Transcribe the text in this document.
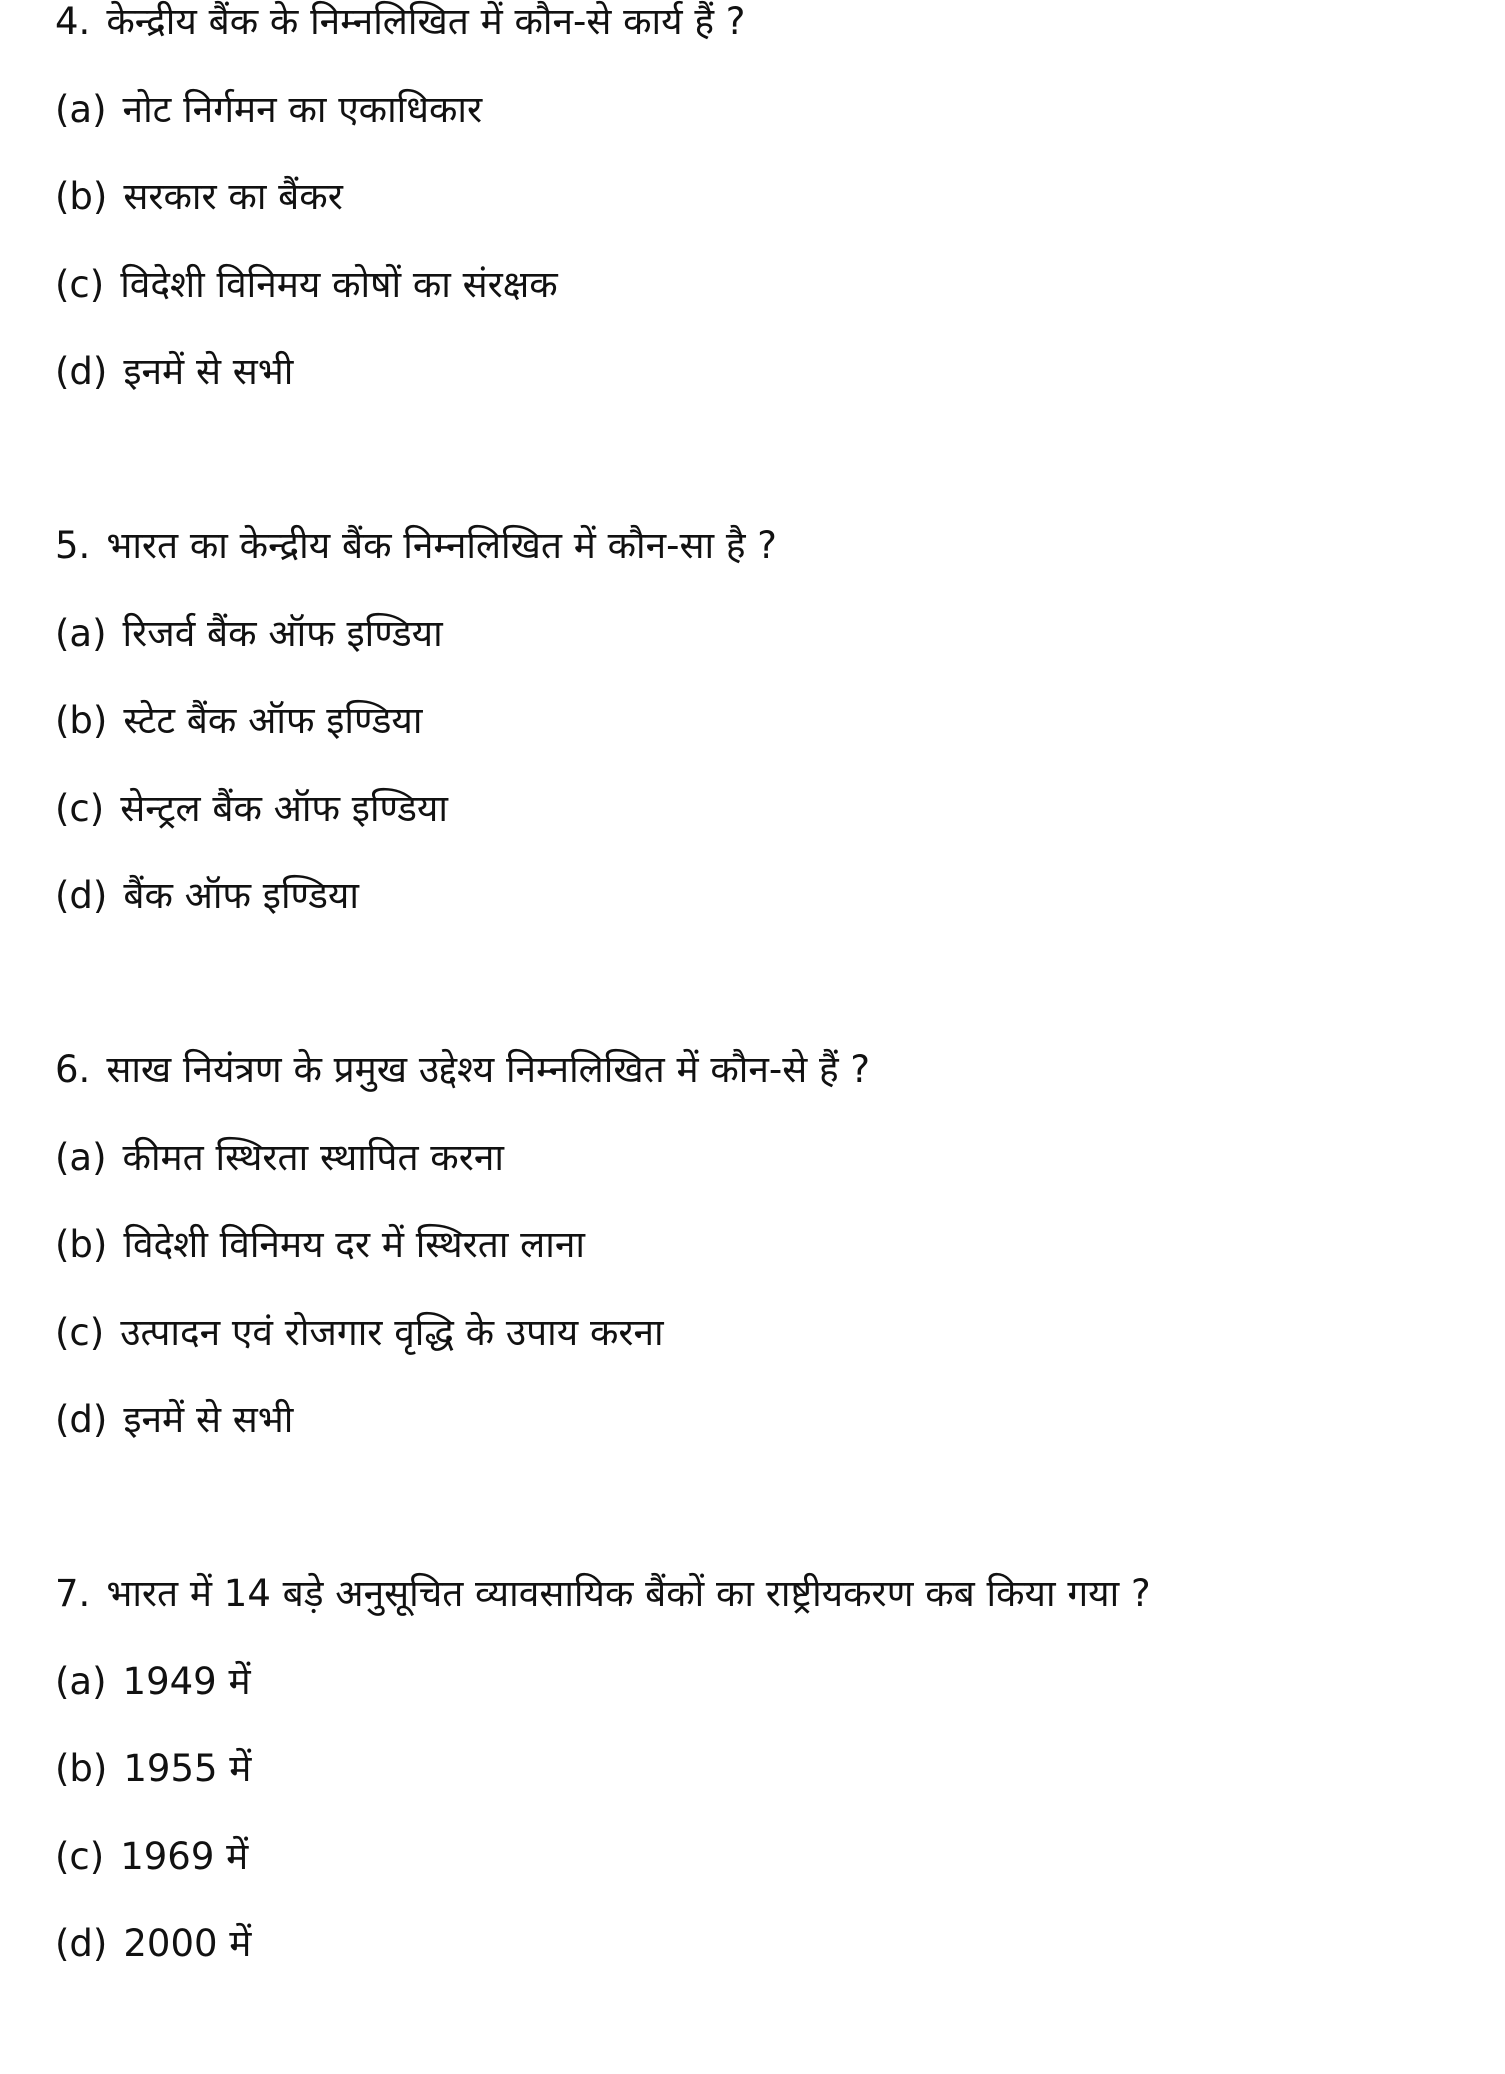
4. केन्द्रीय बैंक के निम्नलिखित में कौन-से कार्य हैं ?
(a) नोट निर्गमन का एकाधिकार
(b) सरकार का बैंकर
(c) विदेशी विनिमय कोषों का संरक्षक
(d) इनमें से सभी
5. भारत का केन्द्रीय बैंक निम्नलिखित में कौन-सा है ?
(a) रिजर्व बैंक ऑफ इण्डिया
(b) स्टेट बैंक ऑफ इण्डिया
(c) सेन्ट्रल बैंक ऑफ इण्डिया
(d) बैंक ऑफ इण्डिया
6. साख नियंत्रण के प्रमुख उद्देश्य निम्नलिखित में कौन-से हैं ?
(a) कीमत स्थिरता स्थापित करना
(b) विदेशी विनिमय दर में स्थिरता लाना
(c) उत्पादन एवं रोजगार वृद्धि के उपाय करना
(d) इनमें से सभी
7. भारत में 14 बड़े अनुसूचित व्यावसायिक बैंकों का राष्ट्रीयकरण कब किया गया ?
(a) 1949 में
(b) 1955 में
(c) 1969 में
(d) 2000 में
